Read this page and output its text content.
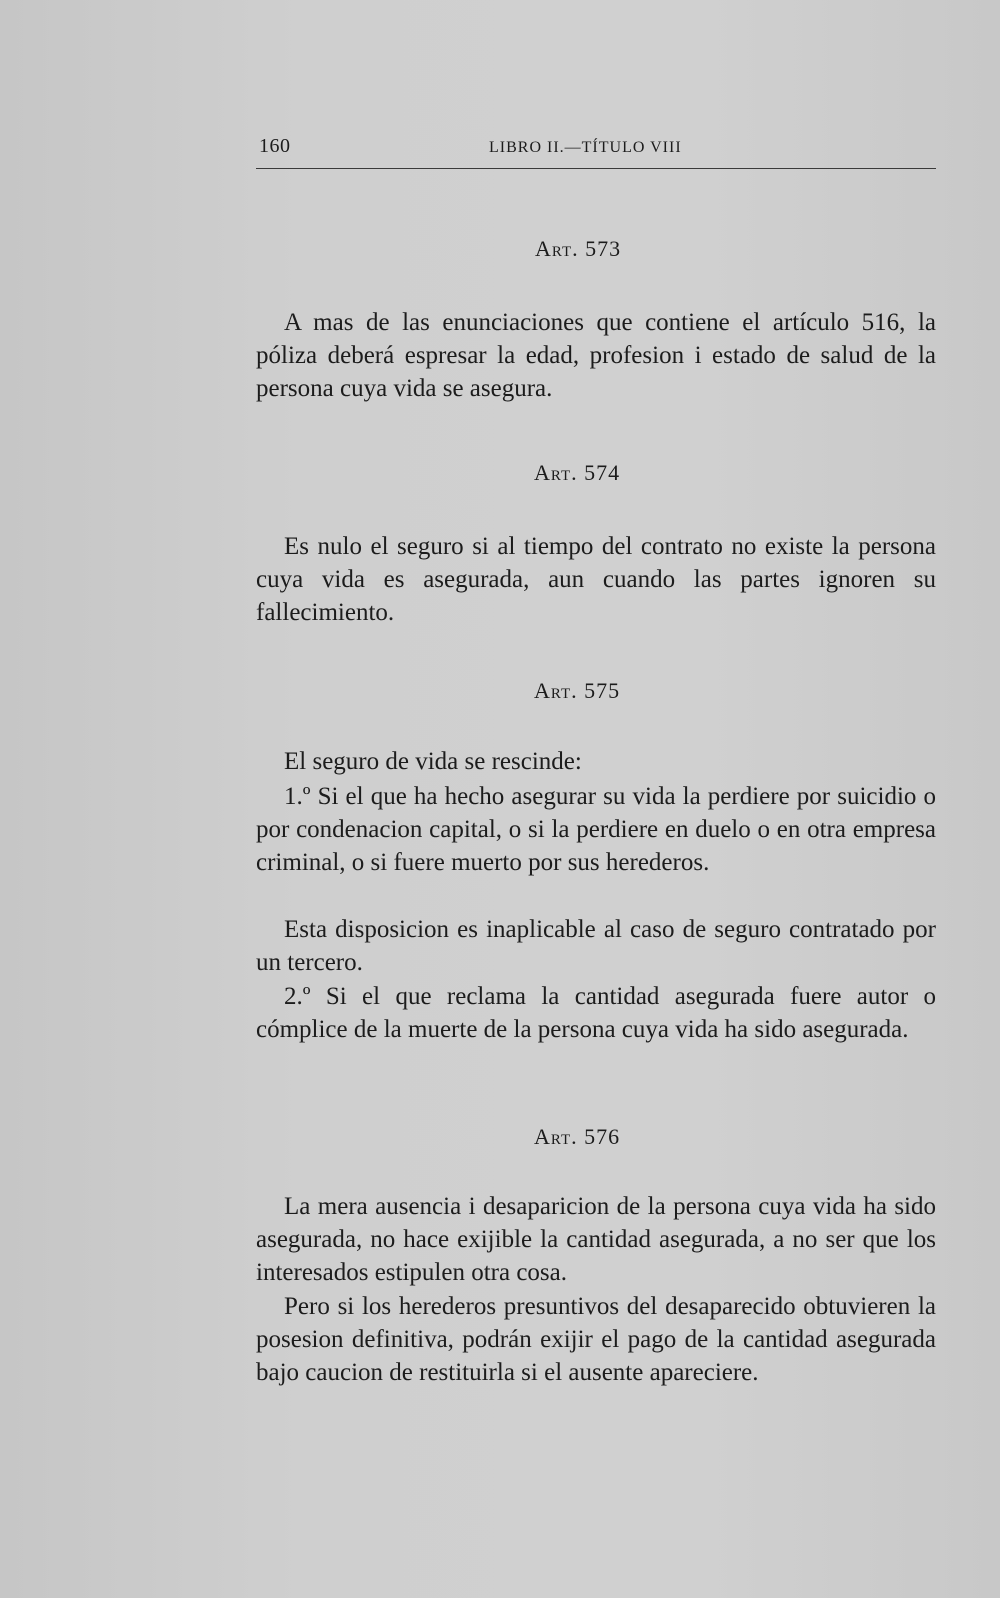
160	LIBRO II.—TÍTULO VIII
Art. 573

A mas de las enunciaciones que contiene el artículo 516, la póliza deberá espresar la edad, profesion i estado de salud de la persona cuya vida se asegura.

Art. 574

Es nulo el seguro si al tiempo del contrato no existe la persona cuya vida es asegurada, aun cuando las partes ignoren su fallecimiento.

Art. 575

El seguro de vida se rescinde:

1.º Si el que ha hecho asegurar su vida la perdiere por suicidio o por condenacion capital, o si la perdiere en duelo o en otra empresa criminal, o si fuere muerto por sus herederos.

Esta disposicion es inaplicable al caso de seguro contratado por un tercero.

2.º Si el que reclama la cantidad asegurada fuere autor o cómplice de la muerte de la persona cuya vida ha sido asegurada.

Art. 576

La mera ausencia i desaparicion de la persona cuya vida ha sido asegurada, no hace exijible la cantidad asegurada, a no ser que los interesados estipulen otra cosa.

Pero si los herederos presuntivos del desaparecido obtuvieren la posesion definitiva, podrán exijir el pago de la cantidad asegurada bajo caucion de restituirla si el ausente apareciere.
